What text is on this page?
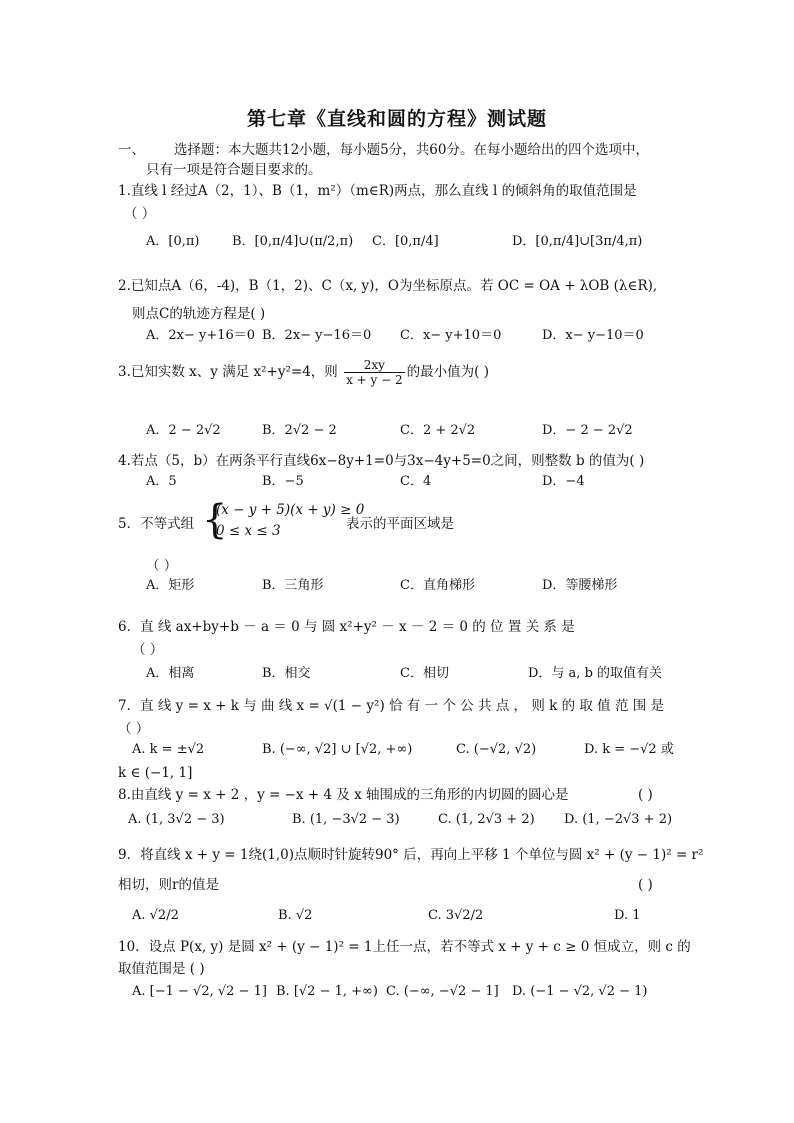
第七章《直线和圆的方程》测试题
一、 选择题：本大题共12小题，每小题5分，共60分。在每小题给出的四个选项中，
只有一项是符合题目要求的。
1.直线 l 经过A（2，1）、B（1，m²）（m∈R)两点，那么直线 l 的倾斜角的取值范围是
（ ）
A．[0,π)	B．[0,π/4]∪(π/2,π) C．[0,π/4]	D．[0,π/4]∪[3π/4,π)
2.已知点A（6，-4)，B（1，2)、C（x, y)，O为坐标原点。若 OC = OA + λOB (λ∈R),
则点C的轨迹方程是( )
A．2x− y+16＝0 B．2x− y−16＝0 C．x− y+10＝0	D．x− y−10＝0
3.已知实数 x、y 满足 x²+y²=4，则 $\frac{2xy}{x + y - 2}$ 的最小值为( )
A．2 − 2√2	B．2√2 − 2	C．2 + 2√2	D．− 2 − 2√2
4.若点（5，b）在两条平行直线6x−8y+1=0与3x−4y+5=0之间，则整数 b 的值为( )
A．5	B．−5	C．4	D．−4
5．不等式组 {
(x − y + 5)(x + y) ≥ 0
0 ≤ x ≤ 3	表示的平面区域是
（ ）
A．矩形	B．三角形	C．直角梯形	D．等腰梯形
6．直 线 ax+by+b － a ＝ 0 与 圆 x²+y² － x － 2 ＝ 0 的 位 置 关 系 是
（ ）
A．相离	B．相交	C．相切	D．与 a, b 的取值有关
7．直 线 y = x + k 与 曲 线 x = √(1 − y²) 恰 有 一 个 公 共 点 ， 则 k 的 取 值 范 围 是
（ ）
A. k = ±√2	B. (−∞, √2] ∪ [√2, +∞)	C. (−√2, √2)	D. k = −√2 或
k ∈ (−1, 1]
8.由直线 y = x + 2 ，y = −x + 4 及 x 轴围成的三角形的内切圆的圆心是	( )
A. (1, 3√2 − 3)	B. (1, −3√2 − 3)	C. (1, 2√3 + 2) D. (1, −2√3 + 2)
9．将直线 x + y = 1绕(1,0)点顺时针旋转90° 后，再向上平移 1 个单位与圆 x² + (y − 1)² = r²
相切，则r的值是	( )
A. √2/2	B. √2	C. 3√2/2	D. 1
10．设点 P(x, y) 是圆 x² + (y − 1)² = 1上任一点，若不等式 x + y + c ≥ 0 恒成立，则 c 的
取值范围是 ( )
A. [−1 − √2, √2 − 1] B. [√2 − 1, +∞) C. (−∞, −√2 − 1] D. (−1 − √2, √2 − 1)
